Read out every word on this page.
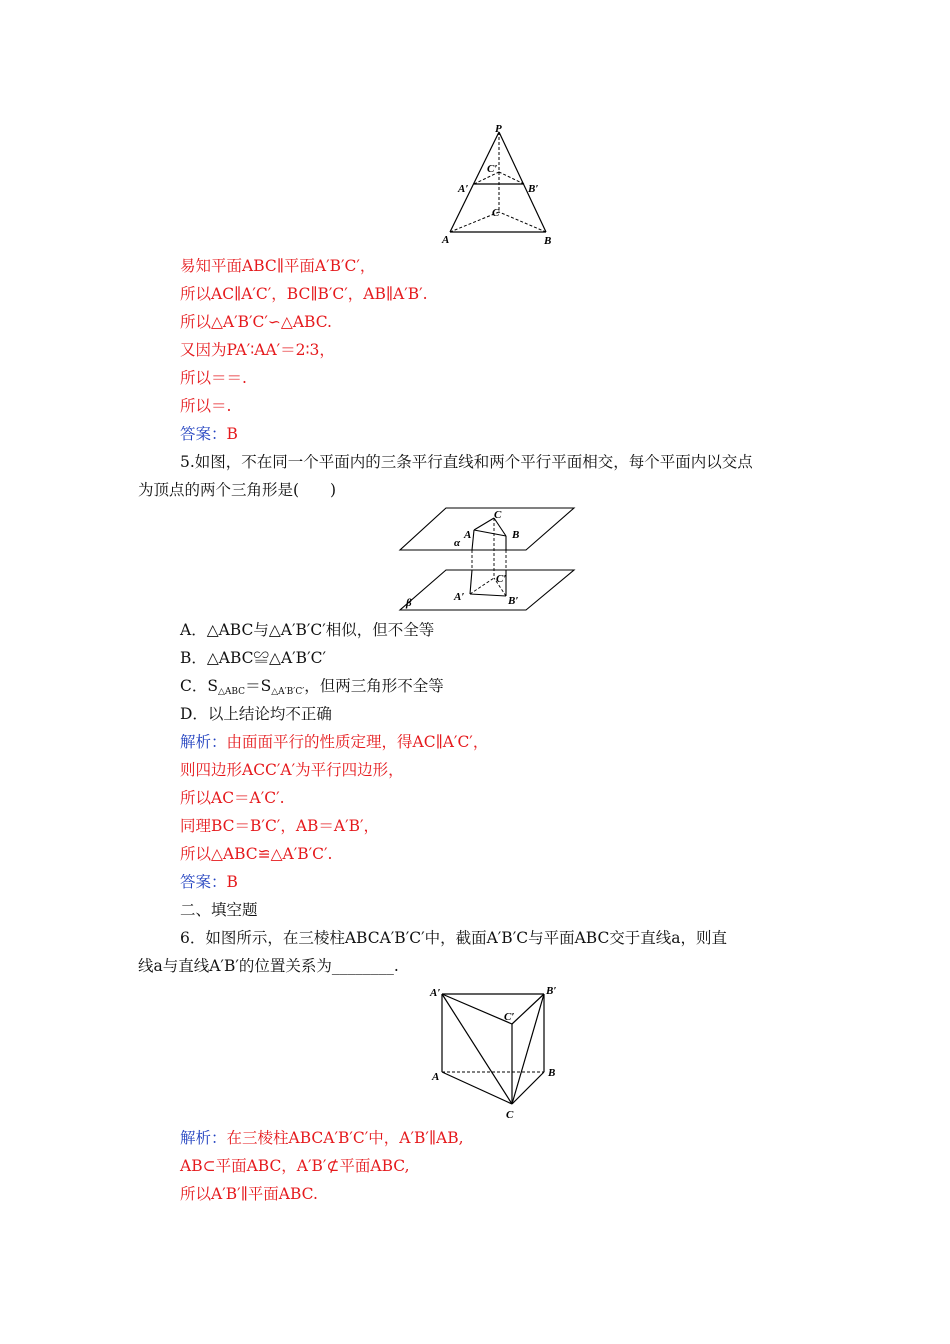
P
C′
A′	B′
C
A	B
易知平面ABC∥平面A′B′C′，
所以AC∥A′C′，BC∥B′C′，AB∥A′B′.
所以△A′B′C′∽△ABC.
又因为PA′∶AA′＝2∶3，
所以＝＝.
所以＝.
答案：B
5.如图，不在同一个平面内的三条平行直线和两个平行平面相交，每个平面内以交点
为顶点的两个三角形是(　　)
C
A	B
α
C′
A′	B′
β
A．△ABC与△A′B′C′相似，但不全等
B．△ABC≌△A′B′C′
C．$S_{\triangle ABC}=S_{\triangle A'B'C'}$，但两三角形不全等
D．以上结论均不正确
解析：由面面平行的性质定理，得AC∥A′C′，
则四边形ACC′A′为平行四边形，
所以AC＝A′C′.
同理BC＝B′C′，AB＝A′B′，
所以△ABC≌△A′B′C′.
答案：B
二、填空题
6．如图所示，在三棱柱ABCA′B′C′中，截面A′B′C与平面ABC交于直线a，则直
线a与直线A′B′的位置关系为________.
A′	B′
C′
A	B
C
解析：在三棱柱ABCA′B′C′中，A′B′∥AB,
AB⊂平面ABC，A′B′⊄平面ABC,
所以A′B′∥平面ABC.
